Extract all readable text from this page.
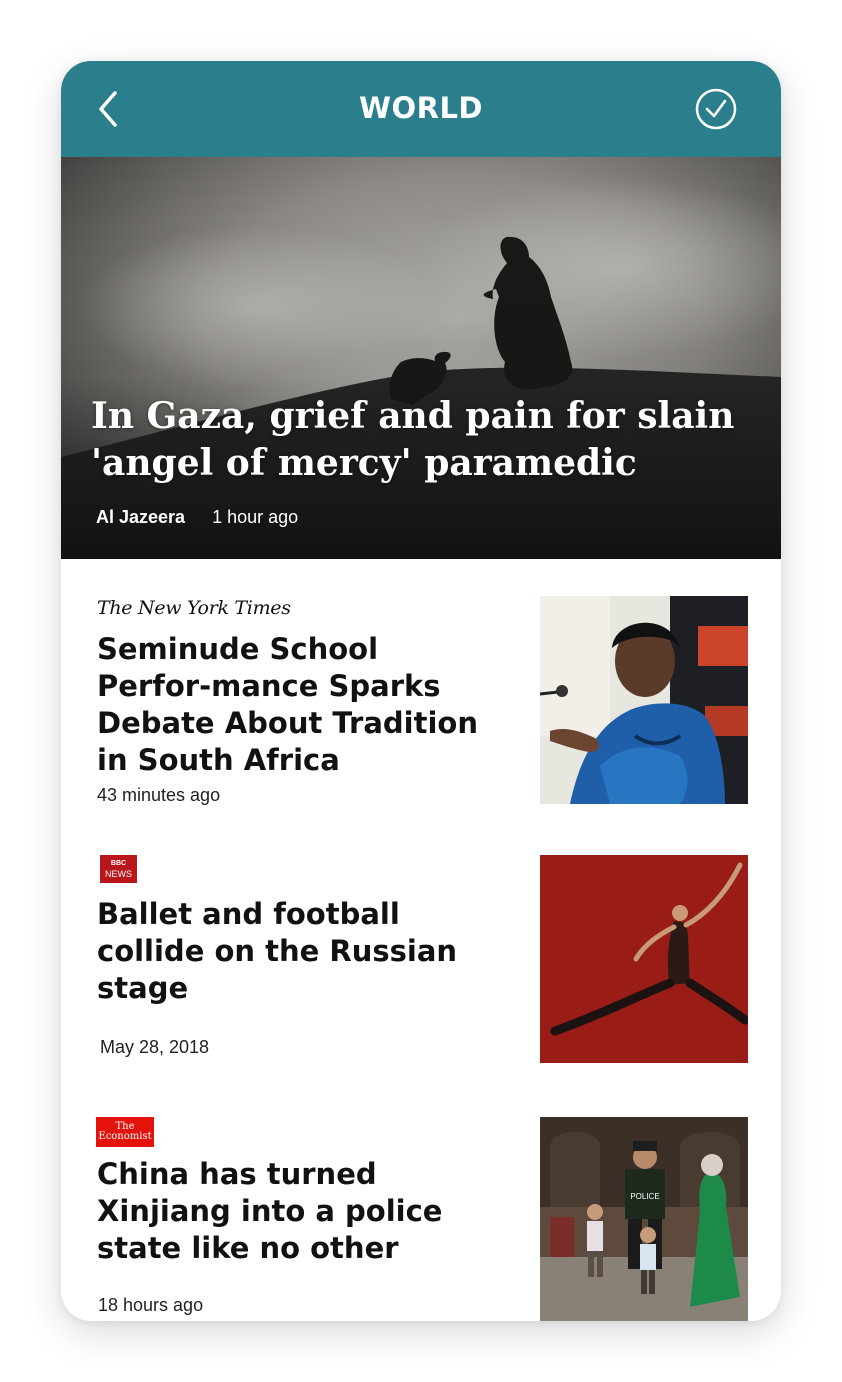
WORLD
In Gaza, grief and pain for slain 'angel of mercy' paramedic
Al Jazeera 1 hour ago
The New York Times
Seminude School Perfor-mance Sparks Debate About Tradition in South Africa
43 minutes ago
BBC
NEWS
Ballet and football collide on the Russian stage
May 28, 2018
The
Economist
China has turned Xinjiang into a police state like no other
18 hours ago
POLICE
